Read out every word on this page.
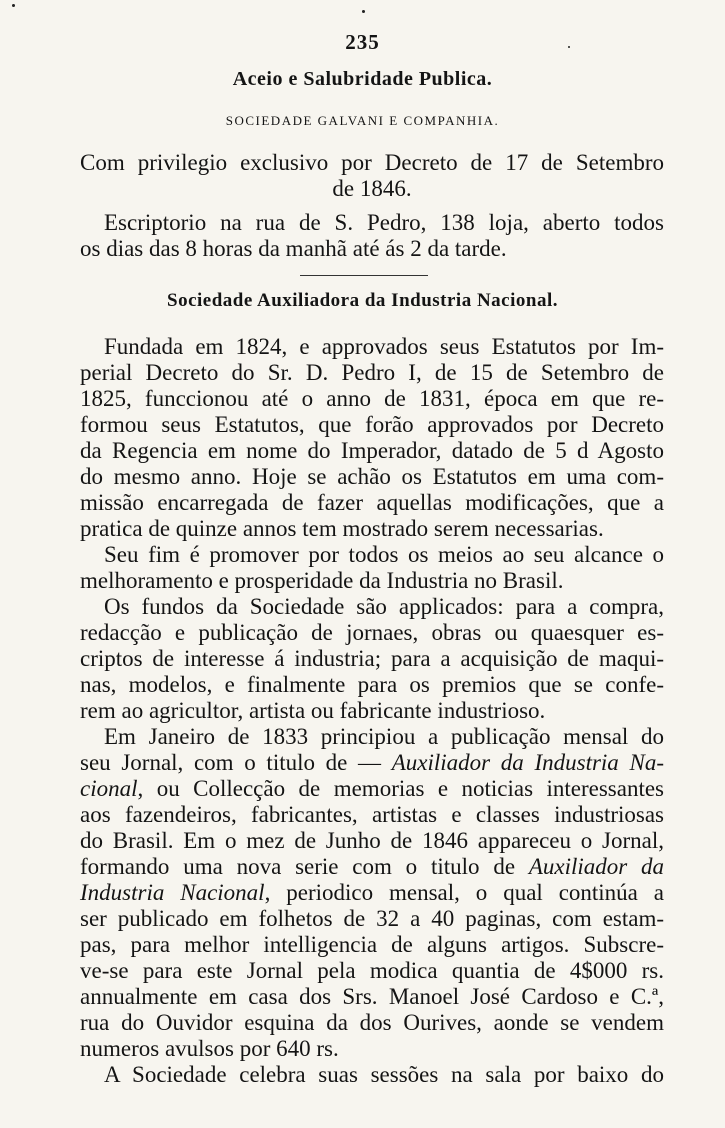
235
Aceio e Salubridade Publica.
SOCIEDADE GALVANI E COMPANHIA.
Com privilegio exclusivo por Decreto de 17 de Setembro
de 1846.
Escriptorio na rua de S. Pedro, 138 loja, aberto todos
os dias das 8 horas da manhã até ás 2 da tarde.
Sociedade Auxiliadora da Industria Nacional.
Fundada em 1824, e approvados seus Estatutos por Im-
perial Decreto do Sr. D. Pedro I, de 15 de Setembro de
1825, funccionou até o anno de 1831, época em que re-
formou seus Estatutos, que forão approvados por Decreto
da Regencia em nome do Imperador, datado de 5 d Agosto
do mesmo anno. Hoje se achão os Estatutos em uma com-
missão encarregada de fazer aquellas modificações, que a
pratica de quinze annos tem mostrado serem necessarias.
Seu fim é promover por todos os meios ao seu alcance o
melhoramento e prosperidade da Industria no Brasil.
Os fundos da Sociedade são applicados: para a compra,
redacção e publicação de jornaes, obras ou quaesquer es-
criptos de interesse á industria; para a acquisição de maqui-
nas, modelos, e finalmente para os premios que se confe-
rem ao agricultor, artista ou fabricante industrioso.
Em Janeiro de 1833 principiou a publicação mensal do
seu Jornal, com o titulo de — Auxiliador da Industria Na-
cional, ou Collecção de memorias e noticias interessantes
aos fazendeiros, fabricantes, artistas e classes industriosas
do Brasil. Em o mez de Junho de 1846 appareceu o Jornal,
formando uma nova serie com o titulo de Auxiliador da
Industria Nacional, periodico mensal, o qual continúa a
ser publicado em folhetos de 32 a 40 paginas, com estam-
pas, para melhor intelligencia de alguns artigos. Subscre-
ve-se para este Jornal pela modica quantia de 4$000 rs.
annualmente em casa dos Srs. Manoel José Cardoso e C.ª,
rua do Ouvidor esquina da dos Ourives, aonde se vendem
numeros avulsos por 640 rs.
A Sociedade celebra suas sessões na sala por baixo do
